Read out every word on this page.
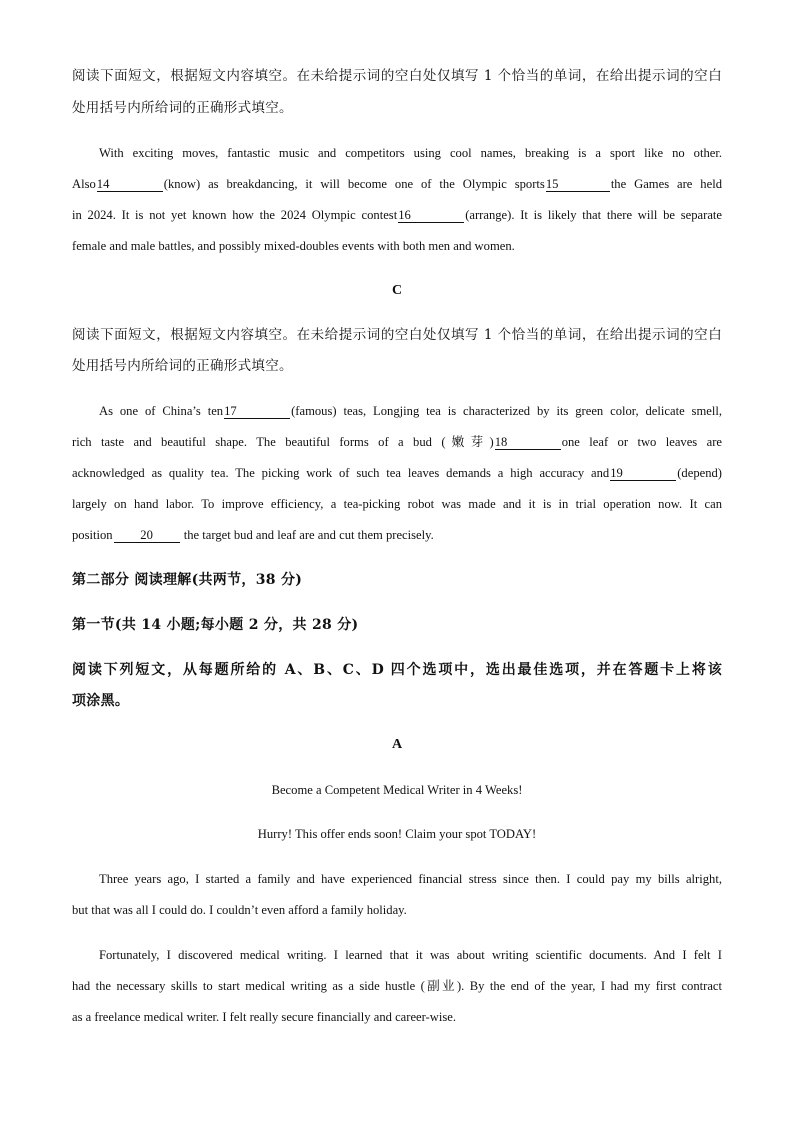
阅读下面短文，根据短文内容填空。在未给提示词的空白处仅填写 1 个恰当的单词，在给出提示词的空白
处用括号内所给词的正确形式填空。
With exciting moves, fantastic music and competitors using cool names, breaking is a sport like no other.
Also14	(know) as breakdancing, it will become one of the Olympic sports15	the Games are held
in 2024. It is not yet known how the 2024 Olympic contest16	(arrange). It is likely that there will be separate
female and male battles, and possibly mixed-doubles events with both men and women.
C
阅读下面短文，根据短文内容填空。在未给提示词的空白处仅填写 1 个恰当的单词，在给出提示词的空白
处用括号内所给词的正确形式填空。
As one of China’s ten17	(famous) teas, Longjing tea is characterized by its green color, delicate smell,
rich taste and beautiful shape. The beautiful forms of a bud (嫩芽)18	one leaf or two leaves are
acknowledged as quality tea. The picking work of such tea leaves demands a high accuracy and19	(depend)
largely on hand labor. To improve efficiency, a tea-picking robot was made and it is in trial operation now. It can
position 20 the target bud and leaf are and cut them precisely.
第二部分 阅读理解(共两节，38 分)
第一节(共 14 小题;每小题 2 分，共 28 分)
阅读下列短文，从每题所给的 A、B、C、D 四个选项中，选出最佳选项，并在答题卡上将该
项涂黑。
A
Become a Competent Medical Writer in 4 Weeks!
Hurry! This offer ends soon! Claim your spot TODAY!
Three years ago, I started a family and have experienced financial stress since then. I could pay my bills alright,
but that was all I could do. I couldn’t even afford a family holiday.
Fortunately, I discovered medical writing. I learned that it was about writing scientific documents. And I felt I
had the necessary skills to start medical writing as a side hustle (副业). By the end of the year, I had my first contract
as a freelance medical writer. I felt really secure financially and career-wise.
